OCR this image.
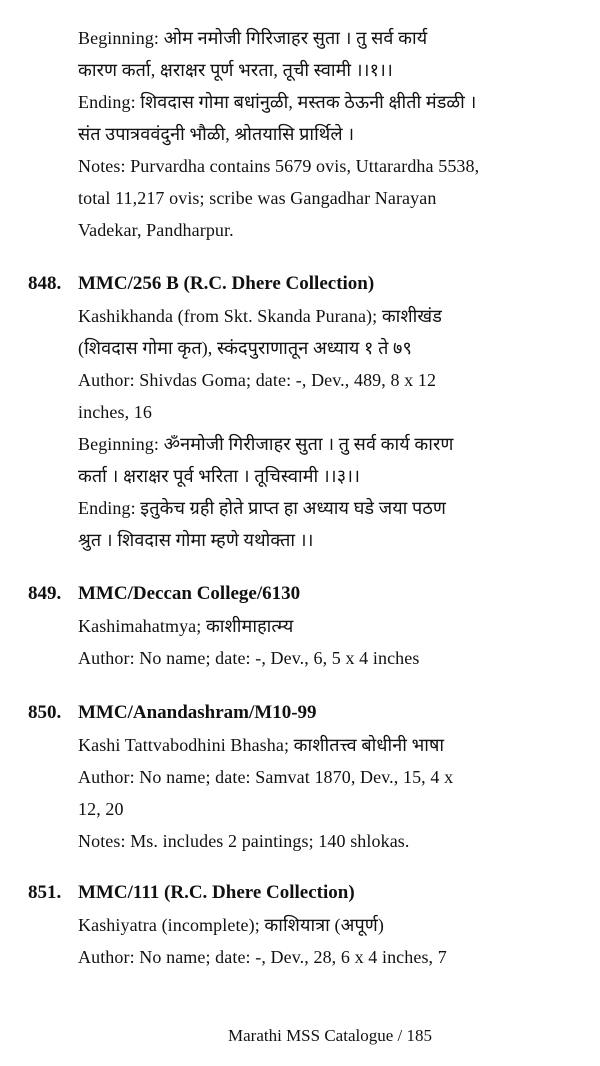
Beginning: ओम नमोजी गिरिजाहर सुता । तु सर्व कार्य
कारण कर्ता, क्षराक्षर पूर्ण भरता, तूची स्वामी ।।१।।
Ending: शिवदास गोमा बधांनुळी, मस्तक ठेऊनी क्षीती मंडळी ।
संत उपात्रववंदुनी भौळी, श्रोतयासि प्रार्थिले ।
Notes: Purvardha contains 5679 ovis, Uttarardha 5538,
total 11,217 ovis; scribe was Gangadhar Narayan
Vadekar, Pandharpur.
848. MMC/256 B (R.C. Dhere Collection)
Kashikhanda (from Skt. Skanda Purana); काशीखंड
(शिवदास गोमा कृत), स्कंदपुराणातून अध्याय १ ते ७९
Author: Shivdas Goma; date: -, Dev., 489, 8 x 12
inches, 16
Beginning: ॐनमोजी गिरीजाहर सुता । तु सर्व कार्य कारण
कर्ता । क्षराक्षर पूर्व भरिता । तूचिस्वामी ।।३।।
Ending: इतुकेच ग्रही होते प्राप्त हा अध्याय घडे जया पठण
श्रुत । शिवदास गोमा म्हणे यथोक्ता ।।
849. MMC/Deccan College/6130
Kashimahatmya; काशीमाहात्म्य
Author: No name; date: -, Dev., 6, 5 x 4 inches
850. MMC/Anandashram/M10-99
Kashi Tattvabodhini Bhasha; काशीतत्त्व बोधीनी भाषा
Author: No name; date: Samvat 1870, Dev., 15, 4 x
12, 20
Notes: Ms. includes 2 paintings; 140 shlokas.
851. MMC/111 (R.C. Dhere Collection)
Kashiyatra (incomplete); काशियात्रा (अपूर्ण)
Author: No name; date: -, Dev., 28, 6 x 4 inches, 7
Marathi MSS Catalogue / 185
